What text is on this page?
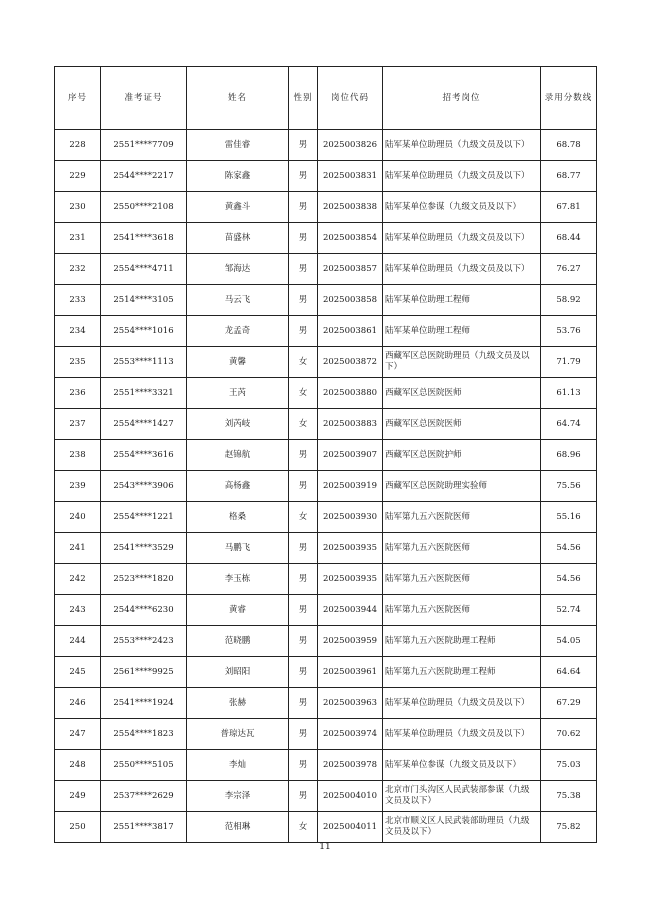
序号	准考证号	姓名	性别	岗位代码	招考岗位	录用分数线
228	2551****7709	雷佳睿	男	2025003826	陆军某单位助理员（九级文员及以下）	68.78
229	2544****2217	陈家鑫	男	2025003831	陆军某单位助理员（九级文员及以下）	68.77
230	2550****2108	黄鑫斗	男	2025003838	陆军某单位参谋（九级文员及以下）	67.81
231	2541****3618	苗盛林	男	2025003854	陆军某单位助理员（九级文员及以下）	68.44
232	2554****4711	邹海达	男	2025003857	陆军某单位助理员（九级文员及以下）	76.27
233	2514****3105	马云飞	男	2025003858	陆军某单位助理工程师	58.92
234	2554****1016	龙孟奇	男	2025003861	陆军某单位助理工程师	53.76
235	2553****1113	黄馨	女	2025003872	西藏军区总医院助理员（九级文员及以下）	71.79
236	2551****3321	王芮	女	2025003880	西藏军区总医院医师	61.13
237	2554****1427	刘芮岐	女	2025003883	西藏军区总医院医师	64.74
238	2554****3616	赵锦航	男	2025003907	西藏军区总医院护师	68.96
239	2543****3906	高杨鑫	男	2025003919	西藏军区总医院助理实验师	75.56
240	2554****1221	格桑	女	2025003930	陆军第九五六医院医师	55.16
241	2541****3529	马鹏飞	男	2025003935	陆军第九五六医院医师	54.56
242	2523****1820	李玉栋	男	2025003935	陆军第九五六医院医师	54.56
243	2544****6230	黄睿	男	2025003944	陆军第九五六医院医师	52.74
244	2553****2423	范晓鹏	男	2025003959	陆军第九五六医院助理工程师	54.05
245	2561****9925	刘昭阳	男	2025003961	陆军第九五六医院助理工程师	64.64
246	2541****1924	张赫	男	2025003963	陆军某单位助理员（九级文员及以下）	67.29
247	2554****1823	普琼达瓦	男	2025003974	陆军某单位助理员（九级文员及以下）	70.62
248	2550****5105	李灿	男	2025003978	陆军某单位参谋（九级文员及以下）	75.03
249	2537****2629	李宗泽	男	2025004010	北京市门头沟区人民武装部参谋（九级文员及以下）	75.38
250	2551****3817	范相琳	女	2025004011	北京市顺义区人民武装部助理员（九级文员及以下）	75.82
11
